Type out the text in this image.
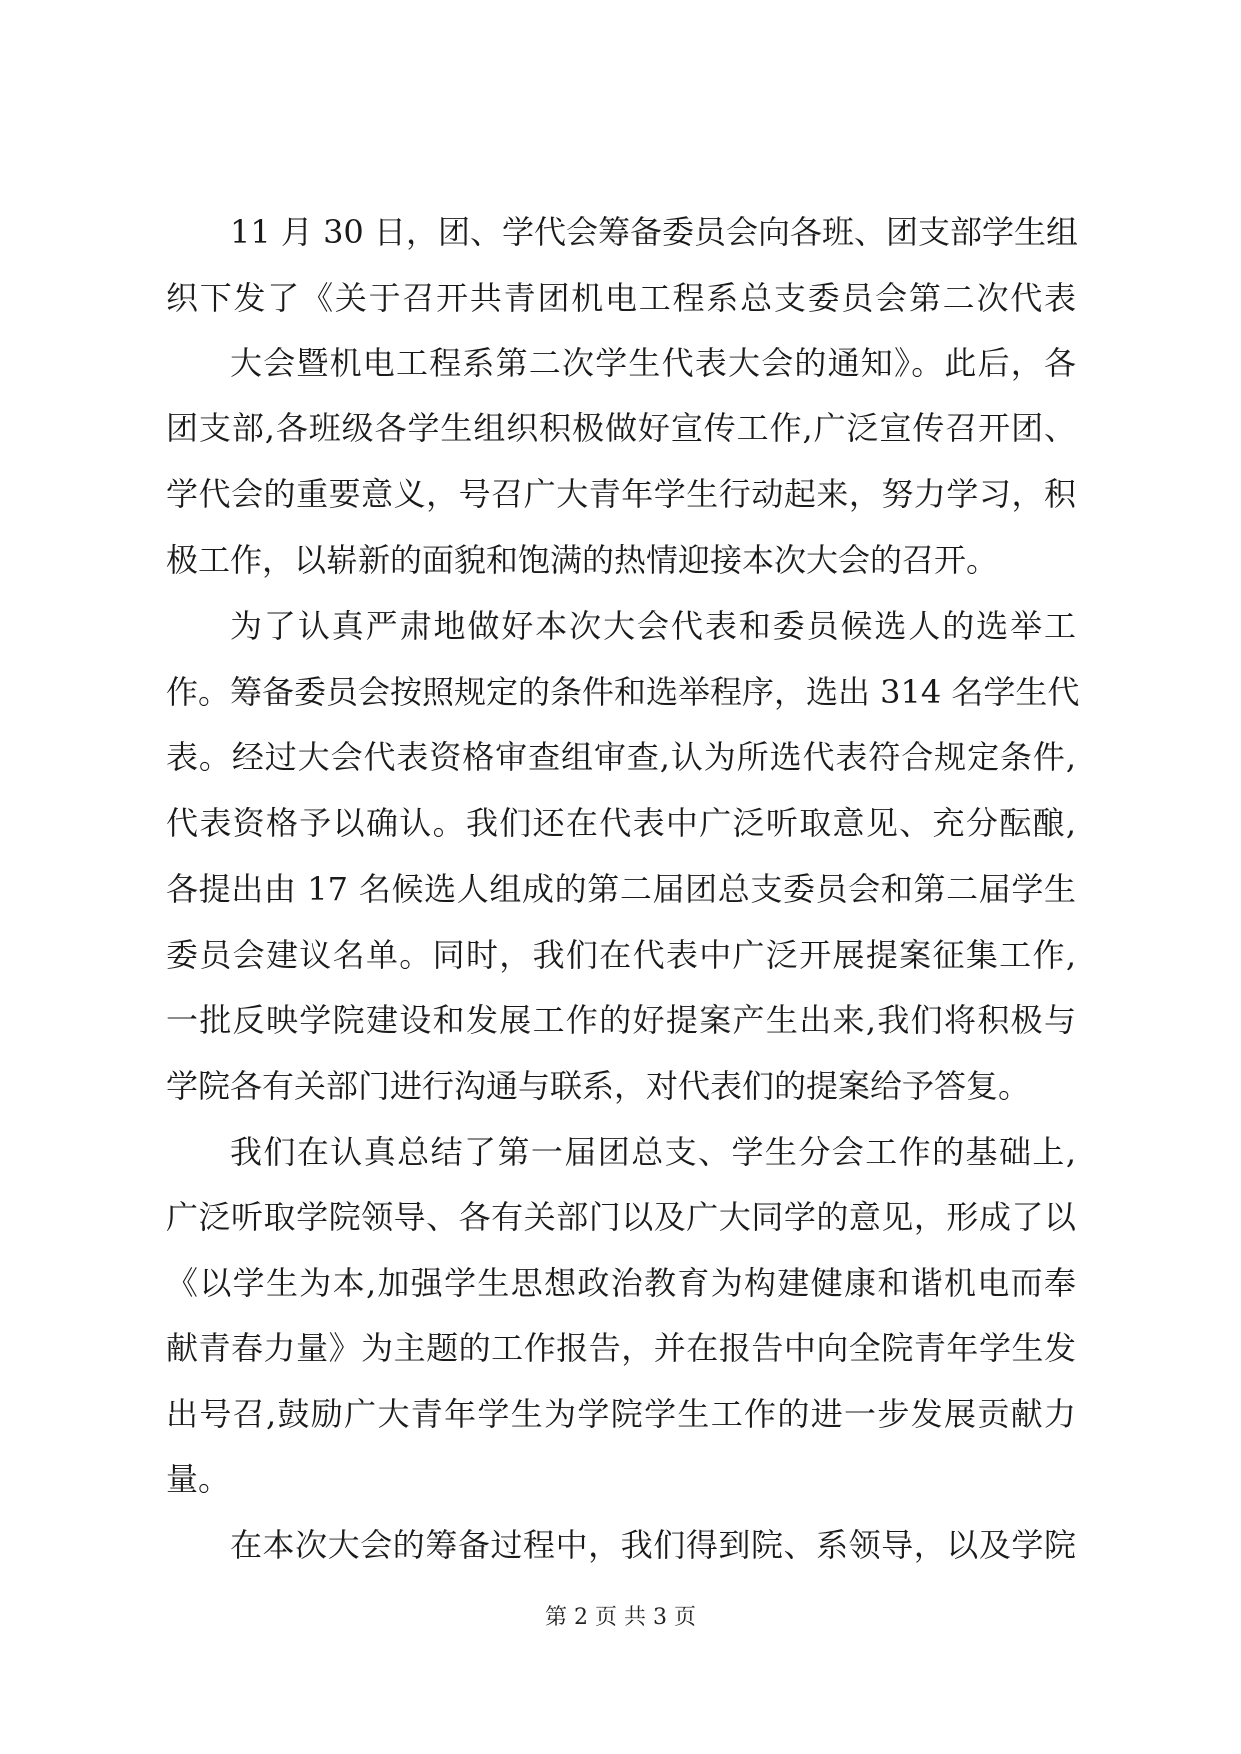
11 月 30 日，团、学代会筹备委员会向各班、团支部学生组
织下发了《关于召开共青团机电工程系总支委员会第二次代表
大会暨机电工程系第二次学生代表大会的通知》。此后，各
团支部,各班级各学生组织积极做好宣传工作,广泛宣传召开团、
学代会的重要意义，号召广大青年学生行动起来，努力学习，积
极工作，以崭新的面貌和饱满的热情迎接本次大会的召开。
为了认真严肃地做好本次大会代表和委员候选人的选举工
作。筹备委员会按照规定的条件和选举程序，选出 314 名学生代
表。经过大会代表资格审查组审查,认为所选代表符合规定条件,
代表资格予以确认。我们还在代表中广泛听取意见、充分酝酿,
各提出由 17 名候选人组成的第二届团总支委员会和第二届学生
委员会建议名单。同时，我们在代表中广泛开展提案征集工作,
一批反映学院建设和发展工作的好提案产生出来,我们将积极与
学院各有关部门进行沟通与联系，对代表们的提案给予答复。
我们在认真总结了第一届团总支、学生分会工作的基础上,
广泛听取学院领导、各有关部门以及广大同学的意见，形成了以
《以学生为本,加强学生思想政治教育为构建健康和谐机电而奉
献青春力量》为主题的工作报告，并在报告中向全院青年学生发
出号召,鼓励广大青年学生为学院学生工作的进一步发展贡献力
量。
在本次大会的筹备过程中，我们得到院、系领导，以及学院
第 2 页 共 3 页
